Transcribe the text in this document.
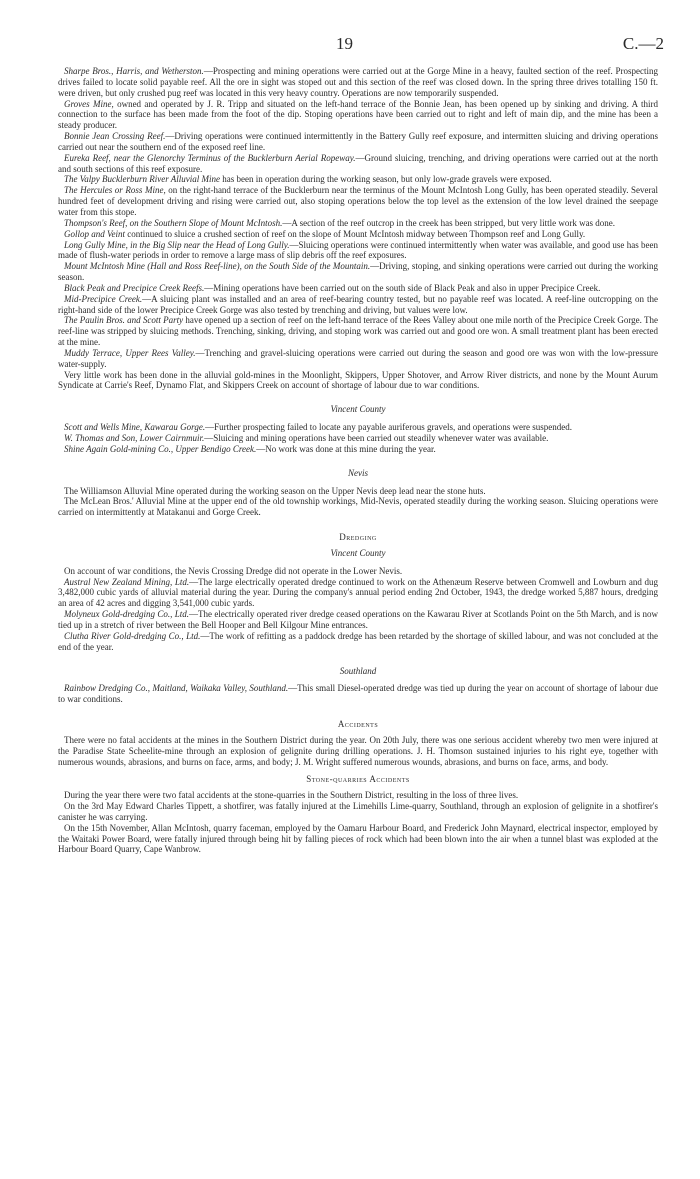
19	C.—2

Sharpe Bros., Harris, and Wetherston.—Prospecting and mining operations were carried out at the Gorge Mine in a heavy, faulted section of the reef. Prospecting drives failed to locate solid payable reef. All the ore in sight was stoped out and this section of the reef was closed down. In the spring three drives totalling 150 ft. were driven, but only crushed pug reef was located in this very heavy country. Operations are now temporarily suspended.

Groves Mine, owned and operated by J. R. Tripp and situated on the left-hand terrace of the Bonnie Jean, has been opened up by sinking and driving. A third connection to the surface has been made from the foot of the dip. Stoping operations have been carried out to right and left of main dip, and the mine has been a steady producer.

Bonnie Jean Crossing Reef.—Driving operations were continued intermittently in the Battery Gully reef exposure, and intermitten sluicing and driving operations carried out near the southern end of the exposed reef line.

Eureka Reef, near the Glenorchy Terminus of the Bucklerburn Aerial Ropeway.—Ground sluicing, trenching, and driving operations were carried out at the north and south sections of this reef exposure.

The Valpy Bucklerburn River Alluvial Mine has been in operation during the working season, but only low-grade gravels were exposed.

The Hercules or Ross Mine, on the right-hand terrace of the Bucklerburn near the terminus of the Mount McIntosh Long Gully, has been operated steadily. Several hundred feet of development driving and rising were carried out, also stoping operations below the top level as the extension of the low level drained the seepage water from this stope.

Thompson's Reef, on the Southern Slope of Mount McIntosh.—A section of the reef outcrop in the creek has been stripped, but very little work was done.

Gollop and Veint continued to sluice a crushed section of reef on the slope of Mount McIntosh midway between Thompson reef and Long Gully.

Long Gully Mine, in the Big Slip near the Head of Long Gully.—Sluicing operations were continued intermittently when water was available, and good use has been made of flush-water periods in order to remove a large mass of slip debris off the reef exposures.

Mount McIntosh Mine (Hall and Ross Reef-line), on the South Side of the Mountain.—Driving, stoping, and sinking operations were carried out during the working season.

Black Peak and Precipice Creek Reefs.—Mining operations have been carried out on the south side of Black Peak and also in upper Precipice Creek.

Mid-Precipice Creek.—A sluicing plant was installed and an area of reef-bearing country tested, but no payable reef was located. A reef-line outcropping on the right-hand side of the lower Precipice Creek Gorge was also tested by trenching and driving, but values were low.

The Paulin Bros. and Scott Party have opened up a section of reef on the left-hand terrace of the Rees Valley about one mile north of the Precipice Creek Gorge. The reef-line was stripped by sluicing methods. Trenching, sinking, driving, and stoping work was carried out and good ore won. A small treatment plant has been erected at the mine.

Muddy Terrace, Upper Rees Valley.—Trenching and gravel-sluicing operations were carried out during the season and good ore was won with the low-pressure water-supply.

Very little work has been done in the alluvial gold-mines in the Moonlight, Skippers, Upper Shotover, and Arrow River districts, and none by the Mount Aurum Syndicate at Carrie's Reef, Dynamo Flat, and Skippers Creek on account of shortage of labour due to war conditions.

Vincent County

Scott and Wells Mine, Kawarau Gorge.—Further prospecting failed to locate any payable auriferous gravels, and operations were suspended.

W. Thomas and Son, Lower Cairnmuir.—Sluicing and mining operations have been carried out steadily whenever water was available.

Shine Again Gold-mining Co., Upper Bendigo Creek.—No work was done at this mine during the year.

Nevis

The Williamson Alluvial Mine operated during the working season on the Upper Nevis deep lead near the stone huts.

The McLean Bros.' Alluvial Mine at the upper end of the old township workings, Mid-Nevis, operated steadily during the working season. Sluicing operations were carried on intermittently at Matakanui and Gorge Creek.

Dredging
Vincent County

On account of war conditions, the Nevis Crossing Dredge did not operate in the Lower Nevis.

Austral New Zealand Mining, Ltd.—The large electrically operated dredge continued to work on the Athenæum Reserve between Cromwell and Lowburn and dug 3,482,000 cubic yards of alluvial material during the year. During the company's annual period ending 2nd October, 1943, the dredge worked 5,887 hours, dredging an area of 42 acres and digging 3,541,000 cubic yards.

Molyneux Gold-dredging Co., Ltd.—The electrically operated river dredge ceased operations on the Kawarau River at Scotlands Point on the 5th March, and is now tied up in a stretch of river between the Bell Hooper and Bell Kilgour Mine entrances.

Clutha River Gold-dredging Co., Ltd.—The work of refitting as a paddock dredge has been retarded by the shortage of skilled labour, and was not concluded at the end of the year.

Southland

Rainbow Dredging Co., Maitland, Waikaka Valley, Southland.—This small Diesel-operated dredge was tied up during the year on account of shortage of labour due to war conditions.

Accidents

There were no fatal accidents at the mines in the Southern District during the year. On 20th July, there was one serious accident whereby two men were injured at the Paradise State Scheelite-mine through an explosion of gelignite during drilling operations. J. H. Thomson sustained injuries to his right eye, together with numerous wounds, abrasions, and burns on face, arms, and body; J. M. Wright suffered numerous wounds, abrasions, and burns on face, arms, and body.

Stone-quarries Accidents

During the year there were two fatal accidents at the stone-quarries in the Southern District, resulting in the loss of three lives.

On the 3rd May Edward Charles Tippett, a shotfirer, was fatally injured at the Limehills Lime-quarry, Southland, through an explosion of gelignite in a shotfirer's canister he was carrying.

On the 15th November, Allan McIntosh, quarry faceman, employed by the Oamaru Harbour Board, and Frederick John Maynard, electrical inspector, employed by the Waitaki Power Board, were fatally injured through being hit by falling pieces of rock which had been blown into the air when a tunnel blast was exploded at the Harbour Board Quarry, Cape Wanbrow.
